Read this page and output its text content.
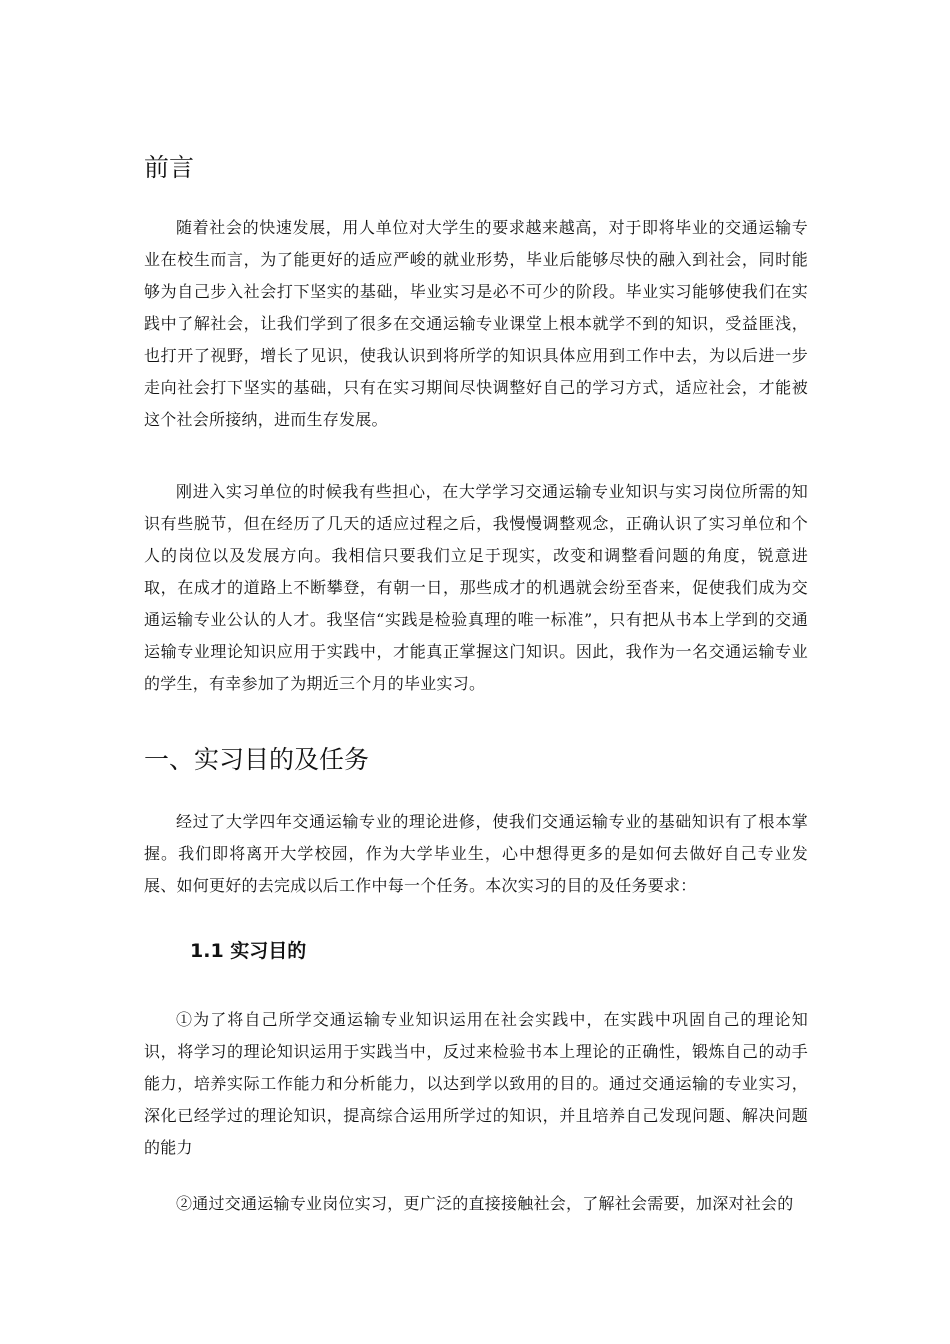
前言

随着社会的快速发展，用人单位对大学生的要求越来越高，对于即将毕业的交通运输专业在校生而言，为了能更好的适应严峻的就业形势，毕业后能够尽快的融入到社会，同时能够为自己步入社会打下坚实的基础，毕业实习是必不可少的阶段。毕业实习能够使我们在实践中了解社会，让我们学到了很多在交通运输专业课堂上根本就学不到的知识，受益匪浅，也打开了视野，增长了见识，使我认识到将所学的知识具体应用到工作中去，为以后进一步走向社会打下坚实的基础，只有在实习期间尽快调整好自己的学习方式，适应社会，才能被这个社会所接纳，进而生存发展。

刚进入实习单位的时候我有些担心，在大学学习交通运输专业知识与实习岗位所需的知识有些脱节，但在经历了几天的适应过程之后，我慢慢调整观念，正确认识了实习单位和个人的岗位以及发展方向。我相信只要我们立足于现实，改变和调整看问题的角度，锐意进取，在成才的道路上不断攀登，有朝一日，那些成才的机遇就会纷至沓来，促使我们成为交通运输专业公认的人才。我坚信“实践是检验真理的唯一标准”，只有把从书本上学到的交通运输专业理论知识应用于实践中，才能真正掌握这门知识。因此，我作为一名交通运输专业的学生，有幸参加了为期近三个月的毕业实习。

一、实习目的及任务

经过了大学四年交通运输专业的理论进修，使我们交通运输专业的基础知识有了根本掌握。我们即将离开大学校园，作为大学毕业生，心中想得更多的是如何去做好自己专业发展、如何更好的去完成以后工作中每一个任务。本次实习的目的及任务要求：

1.1 实习目的

①为了将自己所学交通运输专业知识运用在社会实践中，在实践中巩固自己的理论知识，将学习的理论知识运用于实践当中，反过来检验书本上理论的正确性，锻炼自己的动手能力，培养实际工作能力和分析能力，以达到学以致用的目的。通过交通运输的专业实习，深化已经学过的理论知识，提高综合运用所学过的知识，并且培养自己发现问题、解决问题的能力

②通过交通运输专业岗位实习，更广泛的直接接触社会，了解社会需要，加深对社会的
